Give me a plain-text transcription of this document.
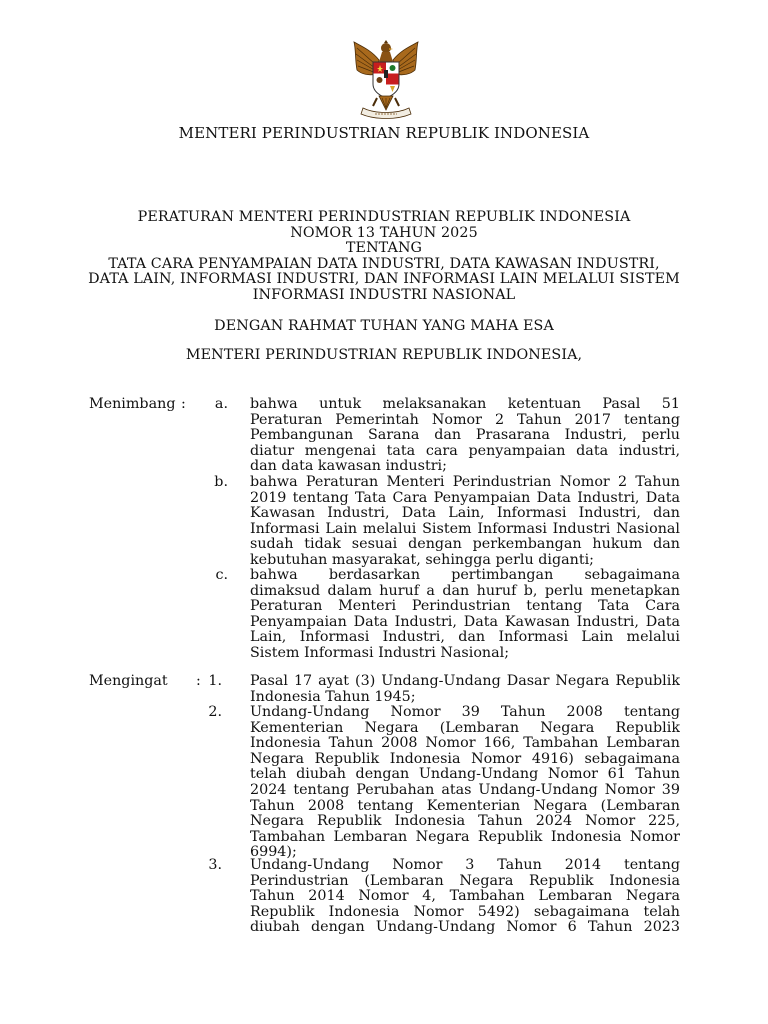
MENTERI PERINDUSTRIAN REPUBLIK INDONESIA
PERATURAN MENTERI PERINDUSTRIAN REPUBLIK INDONESIA
NOMOR 13 TAHUN 2025
TENTANG
TATA CARA PENYAMPAIAN DATA INDUSTRI, DATA KAWASAN INDUSTRI,
DATA LAIN, INFORMASI INDUSTRI, DAN INFORMASI LAIN MELALUI SISTEM
INFORMASI INDUSTRI NASIONAL
DENGAN RAHMAT TUHAN YANG MAHA ESA
MENTERI PERINDUSTRIAN REPUBLIK INDONESIA,
Menimbang :	a. bahwa untuk melaksanakan ketentuan Pasal 51
Peraturan Pemerintah Nomor 2 Tahun 2017 tentang
Pembangunan Sarana dan Prasarana Industri, perlu
diatur mengenai tata cara penyampaian data industri,
dan data kawasan industri;
b. bahwa Peraturan Menteri Perindustrian Nomor 2 Tahun
2019 tentang Tata Cara Penyampaian Data Industri, Data
Kawasan Industri, Data Lain, Informasi Industri, dan
Informasi Lain melalui Sistem Informasi Industri Nasional
sudah tidak sesuai dengan perkembangan hukum dan
kebutuhan masyarakat, sehingga perlu diganti;
c. bahwa berdasarkan pertimbangan sebagaimana
dimaksud dalam huruf a dan huruf b, perlu menetapkan
Peraturan Menteri Perindustrian tentang Tata Cara
Penyampaian Data Industri, Data Kawasan Industri, Data
Lain, Informasi Industri, dan Informasi Lain melalui
Sistem Informasi Industri Nasional;
Mengingat : 1. Pasal 17 ayat (3) Undang-Undang Dasar Negara Republik
Indonesia Tahun 1945;
2. Undang-Undang Nomor 39 Tahun 2008 tentang
Kementerian Negara (Lembaran Negara Republik
Indonesia Tahun 2008 Nomor 166, Tambahan Lembaran
Negara Republik Indonesia Nomor 4916) sebagaimana
telah diubah dengan Undang-Undang Nomor 61 Tahun
2024 tentang Perubahan atas Undang-Undang Nomor 39
Tahun 2008 tentang Kementerian Negara (Lembaran
Negara Republik Indonesia Tahun 2024 Nomor 225,
Tambahan Lembaran Negara Republik Indonesia Nomor
6994);
3. Undang-Undang Nomor 3 Tahun 2014 tentang
Perindustrian (Lembaran Negara Republik Indonesia
Tahun 2014 Nomor 4, Tambahan Lembaran Negara
Republik Indonesia Nomor 5492) sebagaimana telah
diubah dengan Undang-Undang Nomor 6 Tahun 2023
